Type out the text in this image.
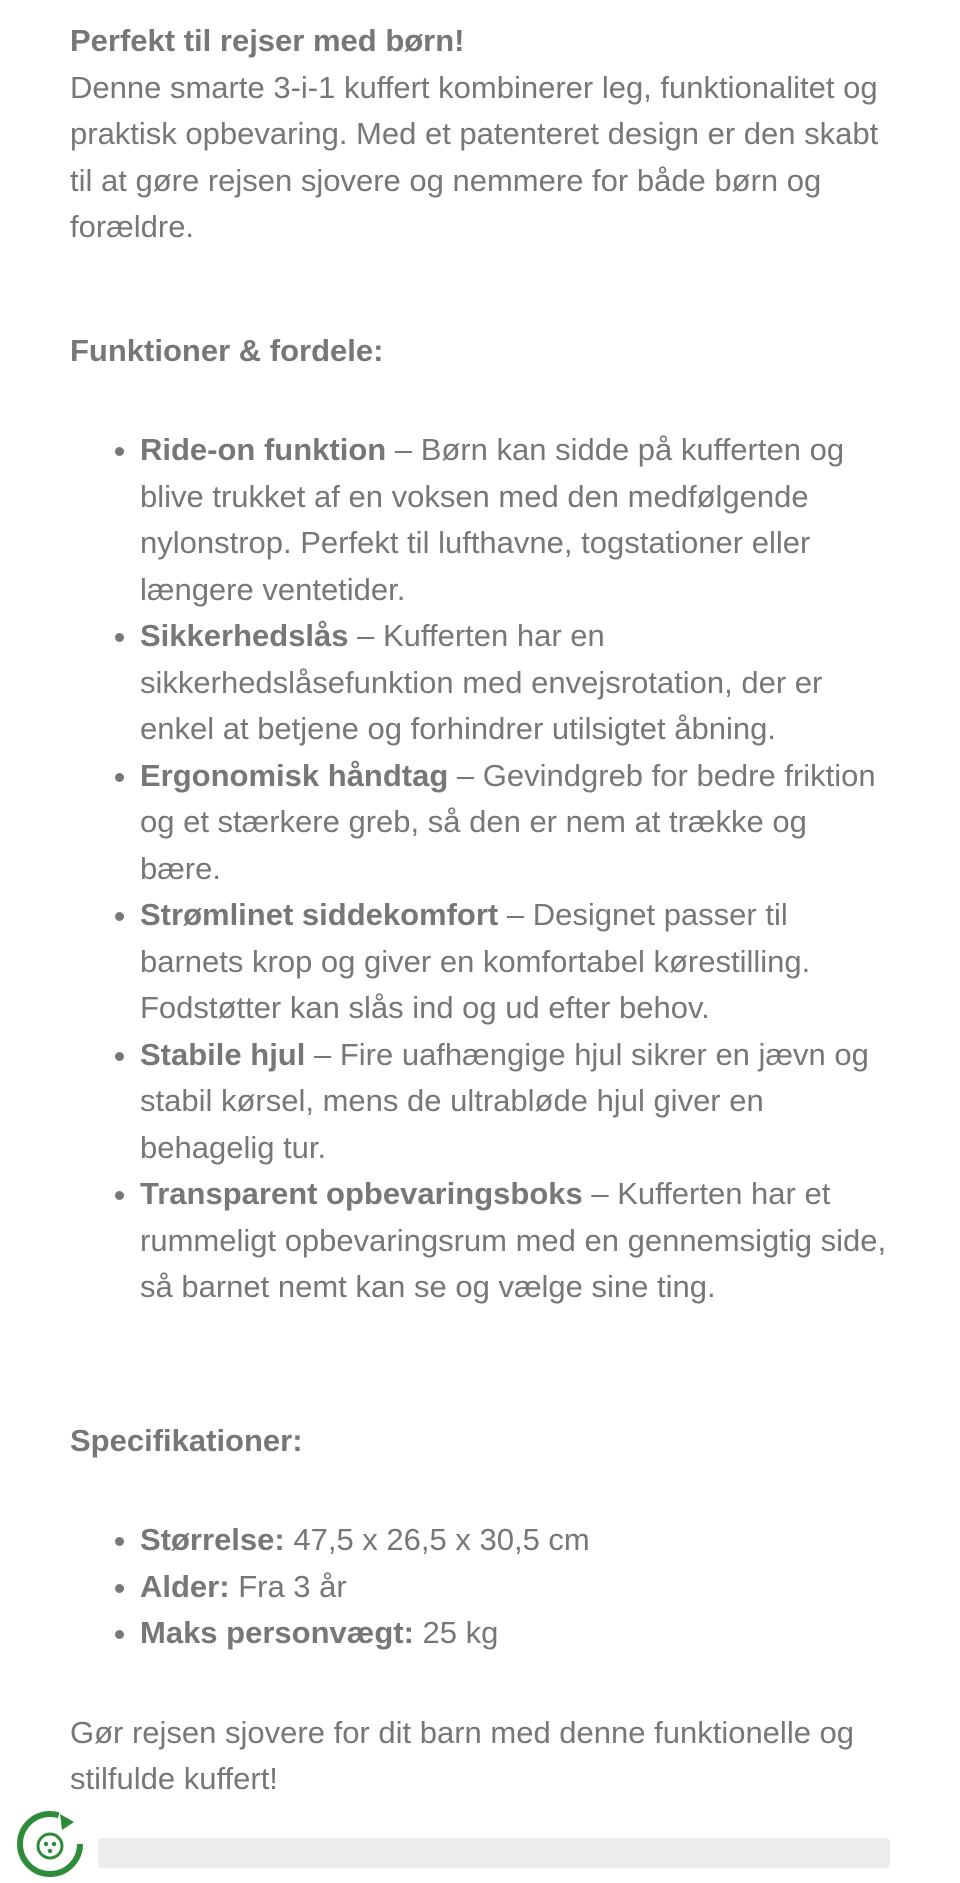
Perfekt til rejser med børn!

Denne smarte 3-i-1 kuffert kombinerer leg, funktionalitet og praktisk opbevaring. Med et patenteret design er den skabt til at gøre rejsen sjovere og nemmere for både børn og forældre.

Funktioner & fordele:

Ride-on funktion – Børn kan sidde på kufferten og blive trukket af en voksen med den medfølgende nylonstrop. Perfekt til lufthavne, togstationer eller længere ventetider.
Sikkerhedslås – Kufferten har en sikkerhedslåsefunktion med envejsrotation, der er enkel at betjene og forhindrer utilsigtet åbning.
Ergonomisk håndtag – Gevindgreb for bedre friktion og et stærkere greb, så den er nem at trække og bære.
Strømlinet siddekomfort – Designet passer til barnets krop og giver en komfortabel kørestilling. Fodstøtter kan slås ind og ud efter behov.
Stabile hjul – Fire uafhængige hjul sikrer en jævn og stabil kørsel, mens de ultrabløde hjul giver en behagelig tur.
Transparent opbevaringsboks – Kufferten har et rummeligt opbevaringsrum med en gennemsigtig side, så barnet nemt kan se og vælge sine ting.

Specifikationer:

Størrelse: 47,5 x 26,5 x 30,5 cm
Alder: Fra 3 år
Maks personvægt: 25 kg

Gør rejsen sjovere for dit barn med denne funktionelle og stilfulde kuffert!
